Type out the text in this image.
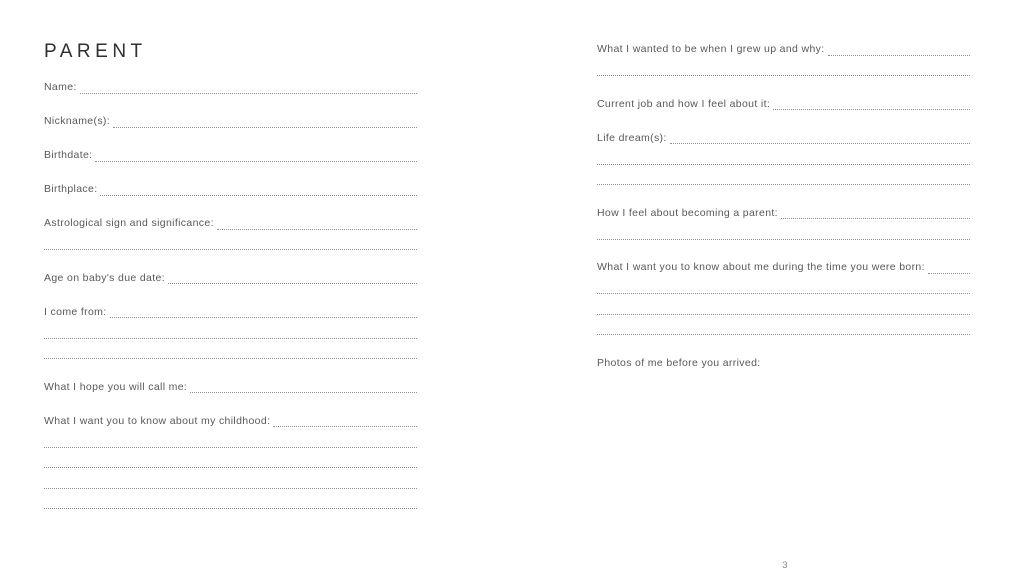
PARENT
Name:
Nickname(s):
Birthdate:
Birthplace:
Astrological sign and significance:
Age on baby's due date:
I come from:
What I hope you will call me:
What I want you to know about my childhood:
What I wanted to be when I grew up and why:
Current job and how I feel about it:
Life dream(s):
How I feel about becoming a parent:
What I want you to know about me during the time you were born:
Photos of me before you arrived:
3
